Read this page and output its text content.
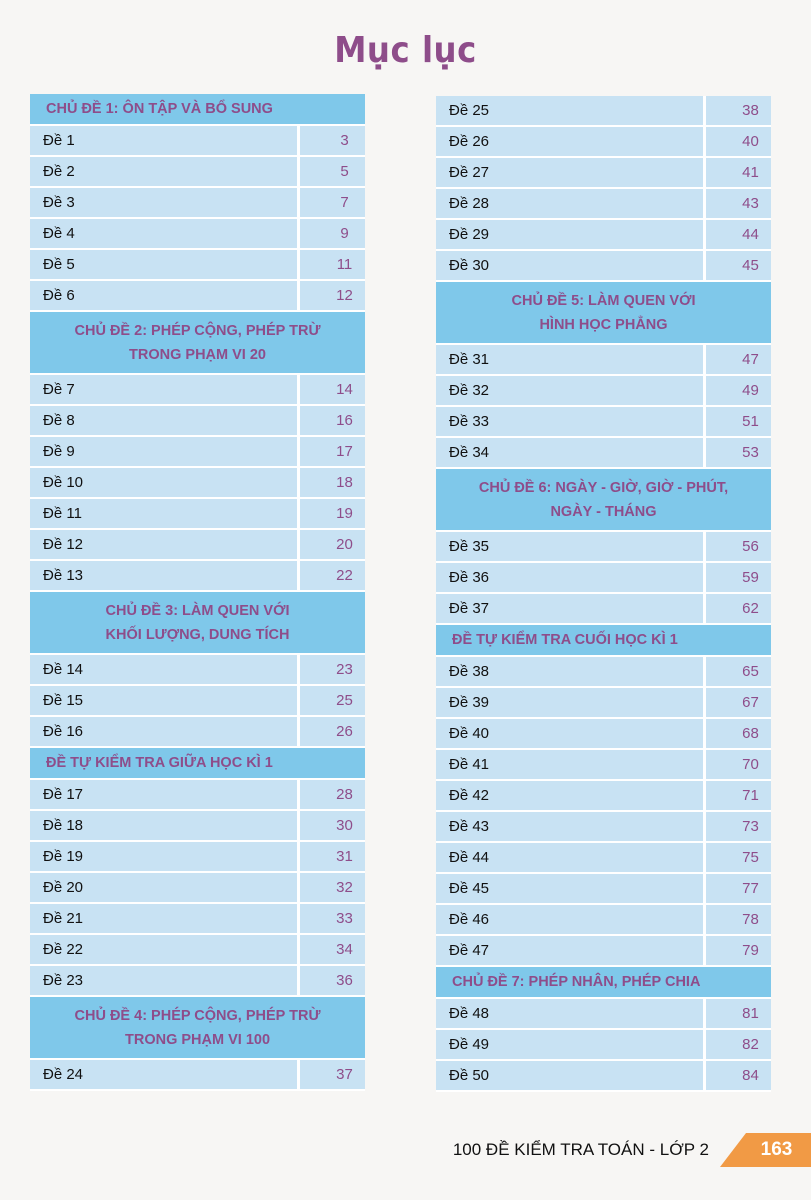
Mục lục
CHỦ ĐỀ 1: ÔN TẬP VÀ BỔ SUNG
Đề 1	3
Đề 2	5
Đề 3	7
Đề 4	9
Đề 5	11
Đề 6	12
CHỦ ĐỀ 2: PHÉP CỘNG, PHÉP TRỪ
TRONG PHẠM VI 20
Đề 7	14
Đề 8	16
Đề 9	17
Đề 10	18
Đề 11	19
Đề 12	20
Đề 13	22
CHỦ ĐỀ 3: LÀM QUEN VỚI
KHỐI LƯỢNG, DUNG TÍCH
Đề 14	23
Đề 15	25
Đề 16	26
ĐỀ TỰ KIỂM TRA GIỮA HỌC KÌ 1
Đề 17	28
Đề 18	30
Đề 19	31
Đề 20	32
Đề 21	33
Đề 22	34
Đề 23	36
CHỦ ĐỀ 4: PHÉP CỘNG, PHÉP TRỪ
TRONG PHẠM VI 100
Đề 24	37
Đề 25	38
Đề 26	40
Đề 27	41
Đề 28	43
Đề 29	44
Đề 30	45
CHỦ ĐỀ 5: LÀM QUEN VỚI
HÌNH HỌC PHẲNG
Đề 31	47
Đề 32	49
Đề 33	51
Đề 34	53
CHỦ ĐỀ 6: NGÀY - GIỜ, GIỜ - PHÚT,
NGÀY - THÁNG
Đề 35	56
Đề 36	59
Đề 37	62
ĐỀ TỰ KIỂM TRA CUỐI HỌC KÌ 1
Đề 38	65
Đề 39	67
Đề 40	68
Đề 41	70
Đề 42	71
Đề 43	73
Đề 44	75
Đề 45	77
Đề 46	78
Đề 47	79
CHỦ ĐỀ 7: PHÉP NHÂN, PHÉP CHIA
Đề 48	81
Đề 49	82
Đề 50	84
100 ĐỀ KIỂM TRA TOÁN - LỚP 2	163
